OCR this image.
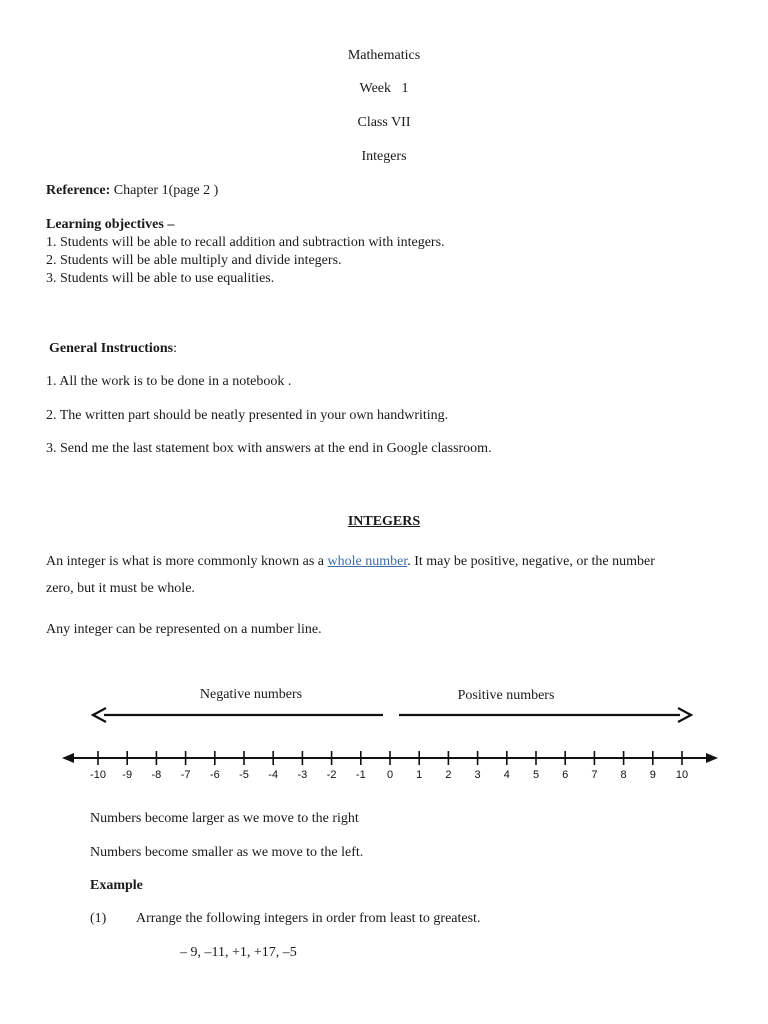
Mathematics

Week   1

Class VII

Integers

Reference: Chapter 1(page 2 )

Learning objectives –
1. Students will be able to recall addition and subtraction with integers.
2. Students will be able multiply and divide integers.
3. Students will be able to use equalities.

General Instructions:

1. All the work is to be done in a notebook .

2. The written part should be neatly presented in your own handwriting.

3. Send me the last statement box with answers at the end in Google classroom.

INTEGERS

An integer is what is more commonly known as a whole number. It may be positive, negative, or the number

zero, but it must be whole.

Any integer can be represented on a number line.

Negative numbers	Positive numbers
-10 -9 -8 -7 -6 -5 -4 -3 -2 -1 0 1 2 3 4 5 6 7 8 9 10

Numbers become larger as we move to the right

Numbers become smaller as we move to the left.

Example

(1) Arrange the following integers in order from least to greatest.

– 9, –11, +1, +17, –5
